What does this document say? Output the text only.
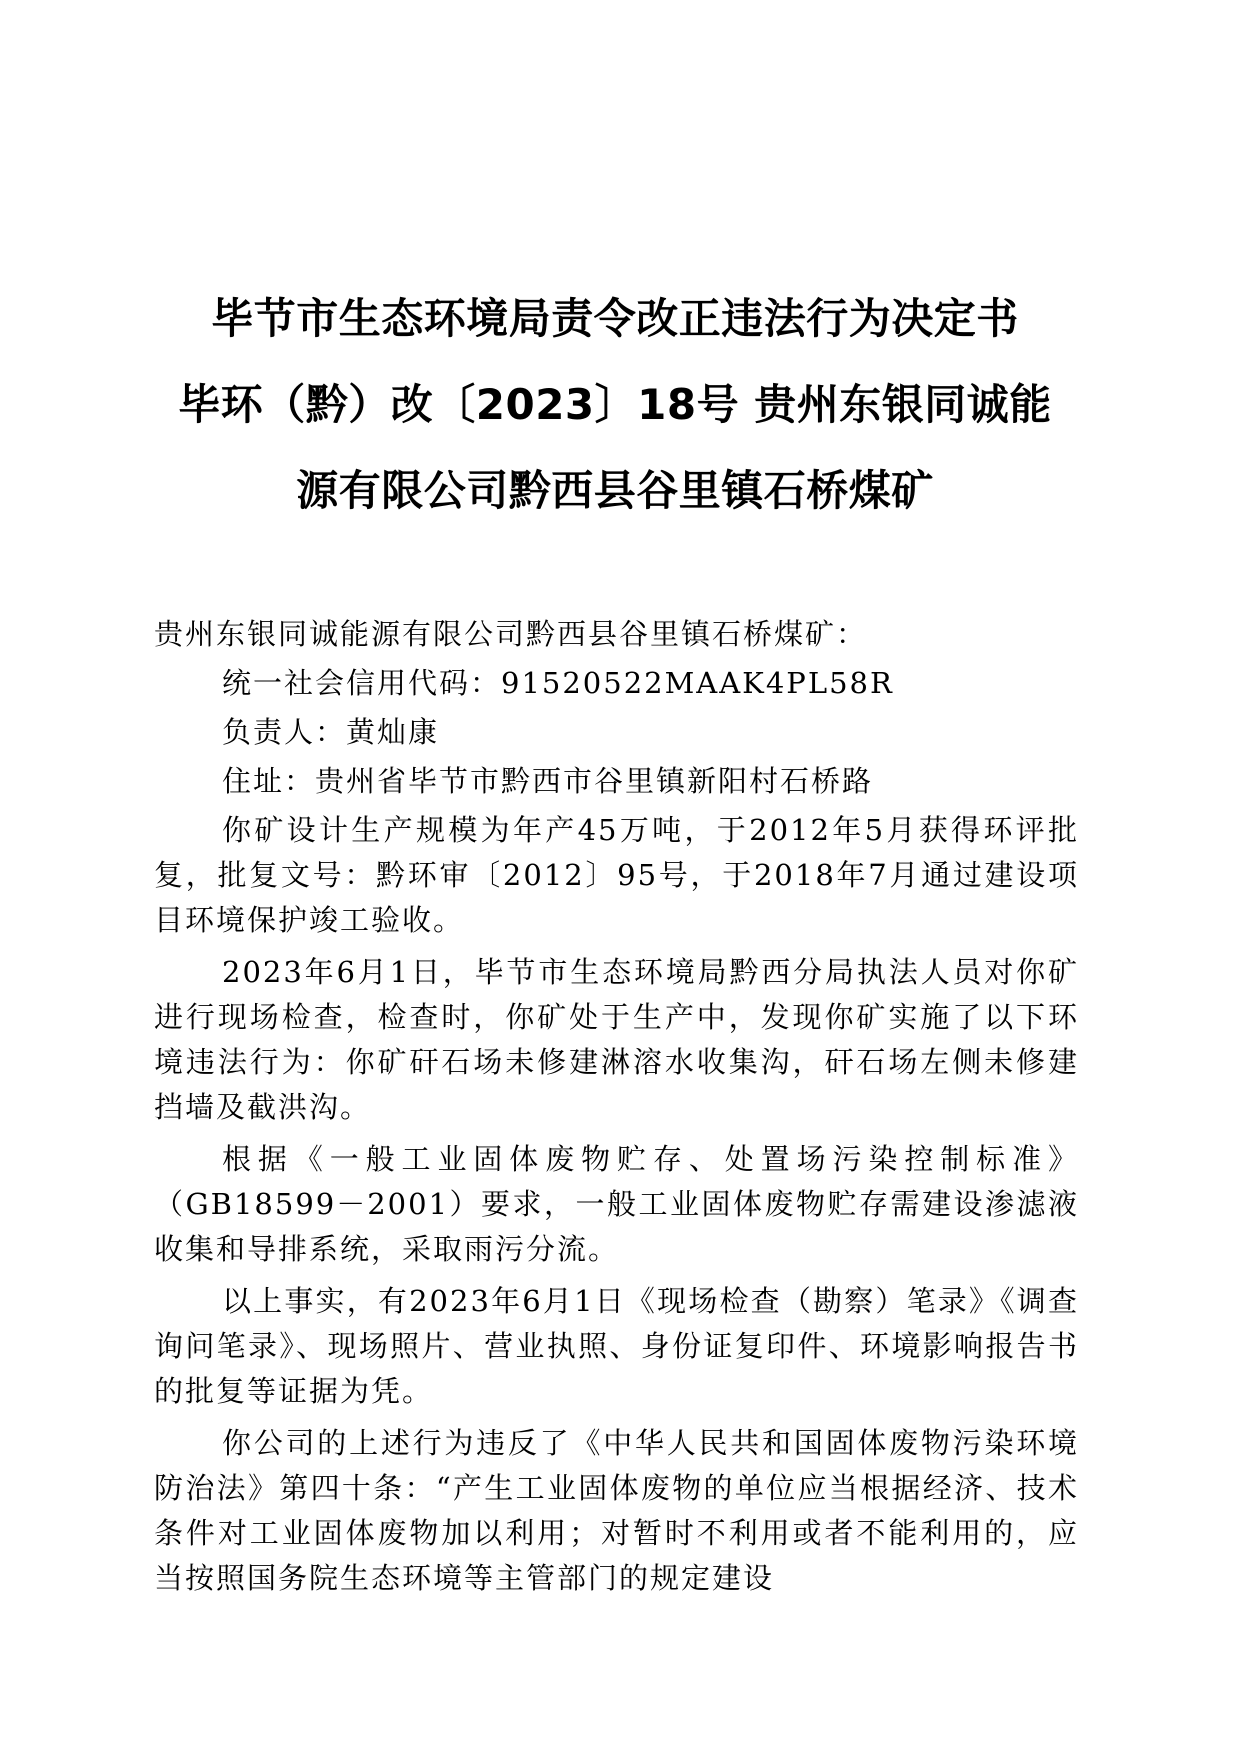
毕节市生态环境局责令改正违法行为决定书
毕环（黔）改〔2023〕18号 贵州东银同诚能
源有限公司黔西县谷里镇石桥煤矿

贵州东银同诚能源有限公司黔西县谷里镇石桥煤矿：

统一社会信用代码：91520522MAAK4PL58R

负责人：黄灿康

住址：贵州省毕节市黔西市谷里镇新阳村石桥路

你矿设计生产规模为年产45万吨，于2012年5月获得环评批复，批复文号：黔环审〔2012〕95号，于2018年7月通过建设项目环境保护竣工验收。

2023年6月1日，毕节市生态环境局黔西分局执法人员对你矿进行现场检查，检查时，你矿处于生产中，发现你矿实施了以下环境违法行为：你矿矸石场未修建淋溶水收集沟，矸石场左侧未修建挡墙及截洪沟。

根据《一般工业固体废物贮存、处置场污染控制标准》（GB18599－2001）要求，一般工业固体废物贮存需建设渗滤液收集和导排系统，采取雨污分流。

以上事实，有2023年6月1日《现场检查（勘察）笔录》《调查询问笔录》、现场照片、营业执照、身份证复印件、环境影响报告书的批复等证据为凭。

你公司的上述行为违反了《中华人民共和国固体废物污染环境防治法》第四十条：“产生工业固体废物的单位应当根据经济、技术条件对工业固体废物加以利用；对暂时不利用或者不能利用的，应当按照国务院生态环境等主管部门的规定建设
